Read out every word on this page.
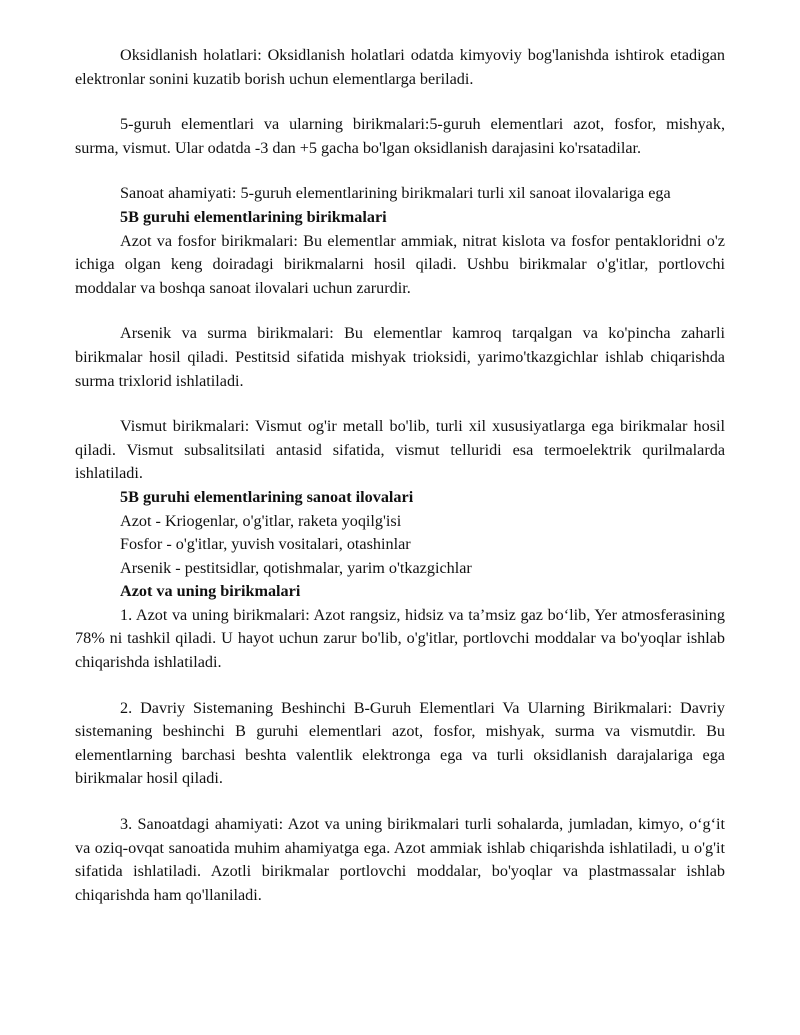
Oksidlanish holatlari: Oksidlanish holatlari odatda kimyoviy bog'lanishda ishtirok etadigan elektronlar sonini kuzatib borish uchun elementlarga beriladi.

5-guruh elementlari va ularning birikmalari:5-guruh elementlari azot, fosfor, mishyak, surma, vismut. Ular odatda -3 dan +5 gacha bo'lgan oksidlanish darajasini ko'rsatadilar.

Sanoat ahamiyati: 5-guruh elementlarining birikmalari turli xil sanoat ilovalariga ega

5B guruhi elementlarining birikmalari

Azot va fosfor birikmalari: Bu elementlar ammiak, nitrat kislota va fosfor pentakloridni o'z ichiga olgan keng doiradagi birikmalarni hosil qiladi. Ushbu birikmalar o'g'itlar, portlovchi moddalar va boshqa sanoat ilovalari uchun zarurdir.

Arsenik va surma birikmalari: Bu elementlar kamroq tarqalgan va ko'pincha zaharli birikmalar hosil qiladi. Pestitsid sifatida mishyak trioksidi, yarimo'tkazgichlar ishlab chiqarishda surma trixlorid ishlatiladi.

Vismut birikmalari: Vismut og'ir metall bo'lib, turli xil xususiyatlarga ega birikmalar hosil qiladi. Vismut subsalitsilati antasid sifatida, vismut telluridi esa termoelektrik qurilmalarda ishlatiladi.

5B guruhi elementlarining sanoat ilovalari

Azot - Kriogenlar, o'g'itlar, raketa yoqilg'isi

Fosfor - o'g'itlar, yuvish vositalari, otashinlar

Arsenik - pestitsidlar, qotishmalar, yarim o'tkazgichlar

Azot va uning birikmalari

1. Azot va uning birikmalari: Azot rangsiz, hidsiz va ta’msiz gaz bo‘lib, Yer atmosferasining 78% ni tashkil qiladi. U hayot uchun zarur bo'lib, o'g'itlar, portlovchi moddalar va bo'yoqlar ishlab chiqarishda ishlatiladi.

2. Davriy Sistemaning Beshinchi B-Guruh Elementlari Va Ularning Birikmalari: Davriy sistemaning beshinchi B guruhi elementlari azot, fosfor, mishyak, surma va vismutdir. Bu elementlarning barchasi beshta valentlik elektronga ega va turli oksidlanish darajalariga ega birikmalar hosil qiladi.

3. Sanoatdagi ahamiyati: Azot va uning birikmalari turli sohalarda, jumladan, kimyo, o‘g‘it va oziq-ovqat sanoatida muhim ahamiyatga ega. Azot ammiak ishlab chiqarishda ishlatiladi, u o'g'it sifatida ishlatiladi. Azotli birikmalar portlovchi moddalar, bo'yoqlar va plastmassalar ishlab chiqarishda ham qo'llaniladi.
